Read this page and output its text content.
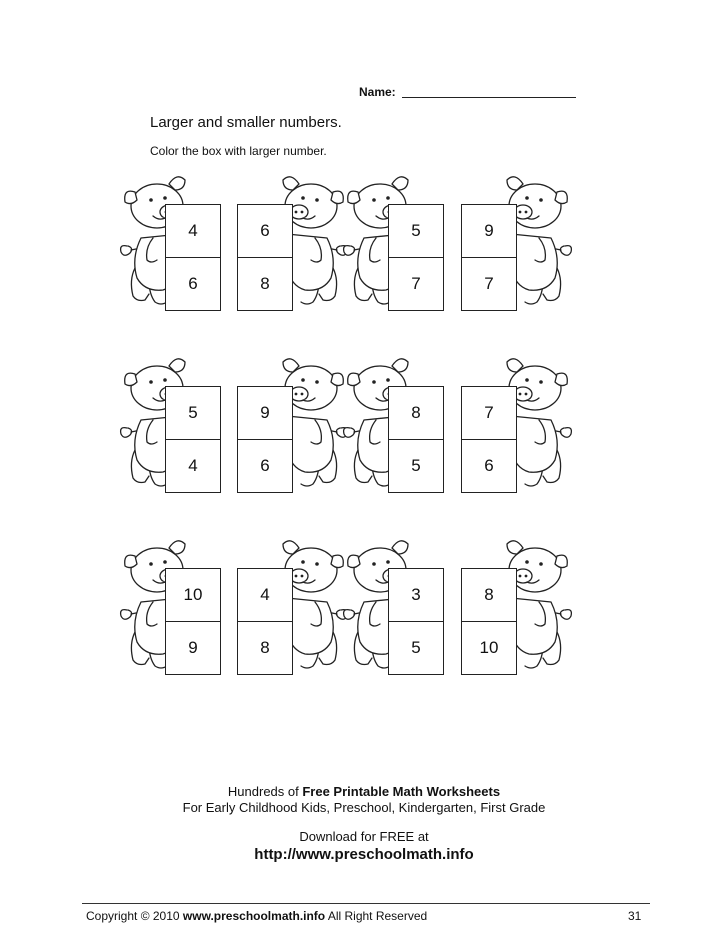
Name:
Larger and smaller numbers.
Color the box with larger number.
4
6
6
8
5
7
9
7
5
4
9
6
8
5
7
6
10
9
4
8
3
5
8
10
Hundreds of Free Printable Math Worksheets
For Early Childhood Kids, Preschool, Kindergarten, First Grade
Download for FREE at
http://www.preschoolmath.info
Copyright © 2010 www.preschoolmath.info All Right Reserved	31
